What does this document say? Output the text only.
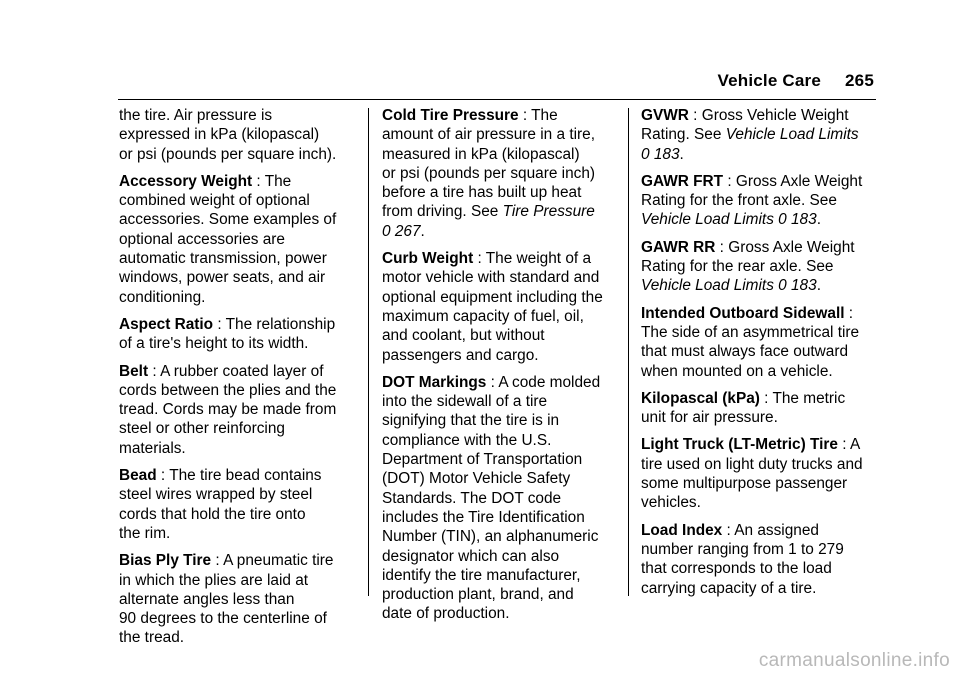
Vehicle Care 265

the tire. Air pressure is
expressed in kPa (kilopascal)
or psi (pounds per square inch).

Accessory Weight : The
combined weight of optional
accessories. Some examples of
optional accessories are
automatic transmission, power
windows, power seats, and air
conditioning.

Aspect Ratio : The relationship
of a tire's height to its width.

Belt : A rubber coated layer of
cords between the plies and the
tread. Cords may be made from
steel or other reinforcing
materials.

Bead : The tire bead contains
steel wires wrapped by steel
cords that hold the tire onto
the rim.

Bias Ply Tire : A pneumatic tire
in which the plies are laid at
alternate angles less than
90 degrees to the centerline of
the tread.

Cold Tire Pressure : The
amount of air pressure in a tire,
measured in kPa (kilopascal)
or psi (pounds per square inch)
before a tire has built up heat
from driving. See Tire Pressure
0 267.

Curb Weight : The weight of a
motor vehicle with standard and
optional equipment including the
maximum capacity of fuel, oil,
and coolant, but without
passengers and cargo.

DOT Markings : A code molded
into the sidewall of a tire
signifying that the tire is in
compliance with the U.S.
Department of Transportation
(DOT) Motor Vehicle Safety
Standards. The DOT code
includes the Tire Identification
Number (TIN), an alphanumeric
designator which can also
identify the tire manufacturer,
production plant, brand, and
date of production.

GVWR : Gross Vehicle Weight
Rating. See Vehicle Load Limits
0 183.

GAWR FRT : Gross Axle Weight
Rating for the front axle. See
Vehicle Load Limits 0 183.

GAWR RR : Gross Axle Weight
Rating for the rear axle. See
Vehicle Load Limits 0 183.

Intended Outboard Sidewall :
The side of an asymmetrical tire
that must always face outward
when mounted on a vehicle.

Kilopascal (kPa) : The metric
unit for air pressure.

Light Truck (LT-Metric) Tire : A
tire used on light duty trucks and
some multipurpose passenger
vehicles.

Load Index : An assigned
number ranging from 1 to 279
that corresponds to the load
carrying capacity of a tire.

carmanualsonline.info
